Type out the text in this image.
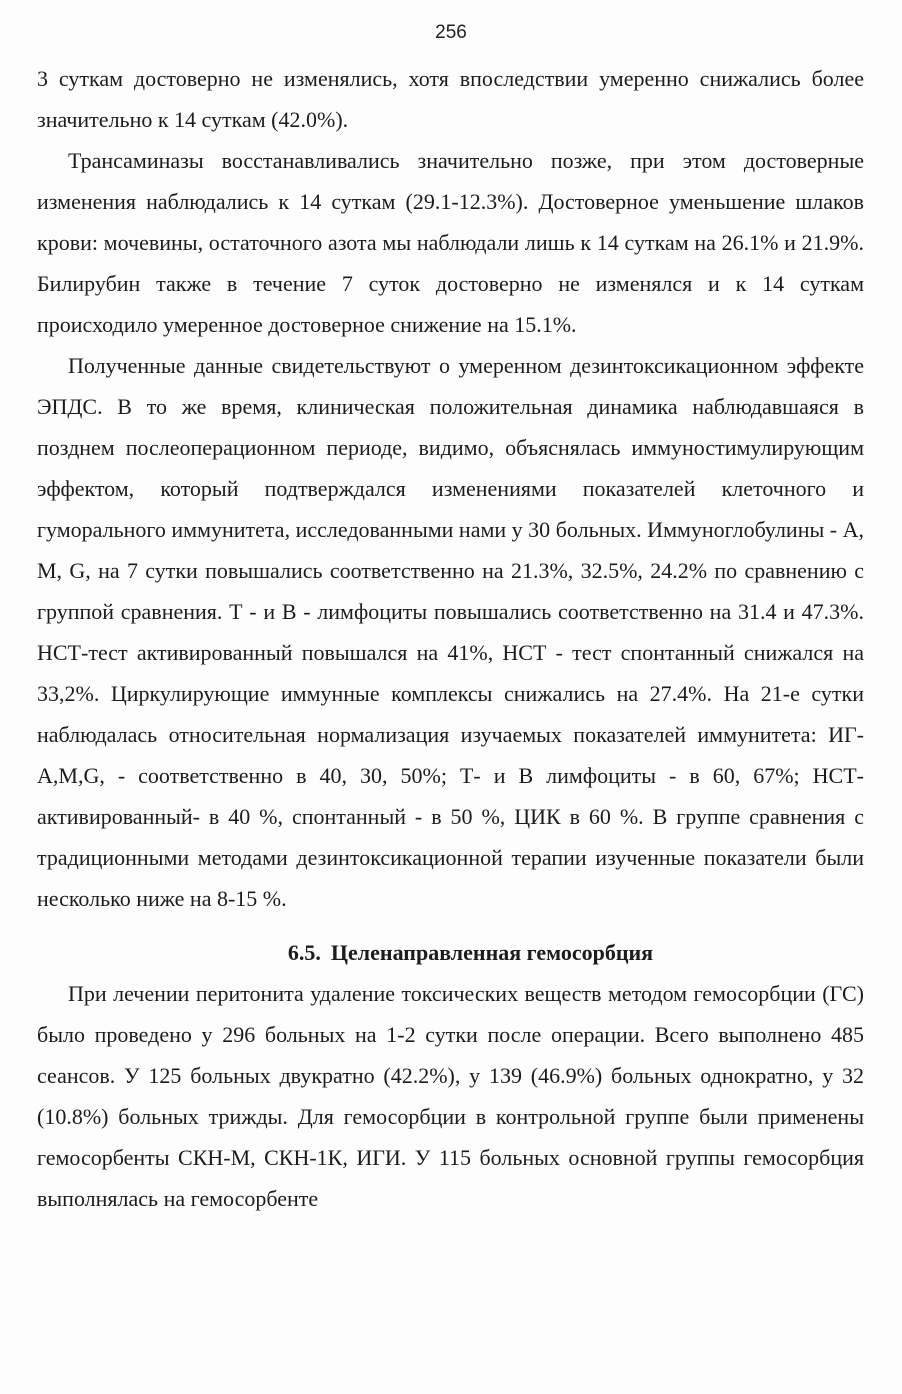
256

3 суткам достоверно не изменялись, хотя впоследствии умеренно снижались более значительно к 14 суткам (42.0%).

Трансаминазы восстанавливались значительно позже, при этом достоверные изменения наблюдались к 14 суткам (29.1-12.3%). Достоверное уменьшение шлаков крови: мочевины, остаточного азота мы наблюдали лишь к 14 суткам на 26.1% и 21.9%. Билирубин также в течение 7 суток достоверно не изменялся и к 14 суткам происходило умеренное достоверное снижение на 15.1%.

Полученные данные свидетельствуют о умеренном дезинтоксикационном эффекте ЭПДС. В то же время, клиническая положительная динамика наблюдавшаяся в позднем послеоперационном периоде, видимо, объяснялась иммуностимулирующим эффектом, который подтверждался изменениями показателей клеточного и гуморального иммунитета, исследованными нами у 30 больных. Иммуноглобулины - А, М, G, на 7 сутки повышались соответственно на 21.3%, 32.5%, 24.2% по сравнению с группой сравнения. Т - и В - лимфоциты повышались соответственно на 31.4 и 47.3%. НСТ-тест активированный повышался на 41%, НСТ - тест спонтанный снижался на 33,2%. Циркулирующие иммунные комплексы снижались на 27.4%. На 21-е сутки наблюдалась относительная нормализация изучаемых показателей иммунитета: ИГ-А,М,G, - соответственно в 40, 30, 50%; Т- и В лимфоциты - в 60, 67%; НСТ-активированный- в 40 %, спонтанный - в 50 %, ЦИК в 60 %. В группе сравнения с традиционными методами дезинтоксикационной терапии изученные показатели были несколько ниже на 8-15 %.

6.5. Целенаправленная гемосорбция

При лечении перитонита удаление токсических веществ методом гемосорбции (ГС) было проведено у 296 больных на 1-2 сутки после операции. Всего выполнено 485 сеансов. У 125 больных двукратно (42.2%), у 139 (46.9%) больных однократно, у 32 (10.8%) больных трижды. Для гемосорбции в контрольной группе были применены гемосорбенты СКН-М, СКН-1К, ИГИ. У 115 больных основной группы гемосорбция выполнялась на гемосорбенте
